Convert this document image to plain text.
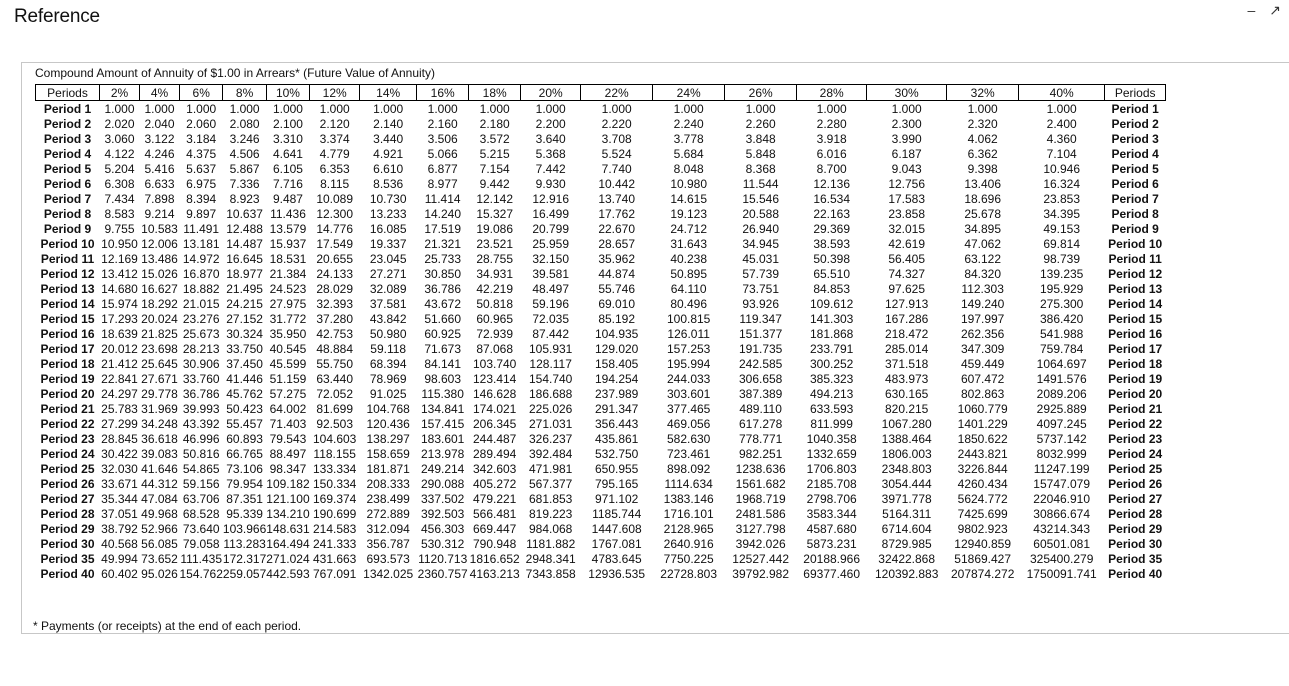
Reference	– ↗
Compound Amount of Annuity of $1.00 in Arrears* (Future Value of Annuity)
Periods	2%	4%	6%	8%	10%	12%	14%	16%	18%	20%	22%	24%	26%	28%	30%	32%	40%	Periods
Period 1	1.000	1.000	1.000	1.000	1.000	1.000	1.000	1.000	1.000	1.000	1.000	1.000	1.000	1.000	1.000	1.000	1.000	Period 1
Period 2	2.020	2.040	2.060	2.080	2.100	2.120	2.140	2.160	2.180	2.200	2.220	2.240	2.260	2.280	2.300	2.320	2.400	Period 2
Period 3	3.060	3.122	3.184	3.246	3.310	3.374	3.440	3.506	3.572	3.640	3.708	3.778	3.848	3.918	3.990	4.062	4.360	Period 3
Period 4	4.122	4.246	4.375	4.506	4.641	4.779	4.921	5.066	5.215	5.368	5.524	5.684	5.848	6.016	6.187	6.362	7.104	Period 4
Period 5	5.204	5.416	5.637	5.867	6.105	6.353	6.610	6.877	7.154	7.442	7.740	8.048	8.368	8.700	9.043	9.398	10.946	Period 5
Period 6	6.308	6.633	6.975	7.336	7.716	8.115	8.536	8.977	9.442	9.930	10.442	10.980	11.544	12.136	12.756	13.406	16.324	Period 6
Period 7	7.434	7.898	8.394	8.923	9.487	10.089	10.730	11.414	12.142	12.916	13.740	14.615	15.546	16.534	17.583	18.696	23.853	Period 7
Period 8	8.583	9.214	9.897	10.637	11.436	12.300	13.233	14.240	15.327	16.499	17.762	19.123	20.588	22.163	23.858	25.678	34.395	Period 8
Period 9	9.755	10.583	11.491	12.488	13.579	14.776	16.085	17.519	19.086	20.799	22.670	24.712	26.940	29.369	32.015	34.895	49.153	Period 9
Period 10	10.950	12.006	13.181	14.487	15.937	17.549	19.337	21.321	23.521	25.959	28.657	31.643	34.945	38.593	42.619	47.062	69.814	Period 10
Period 11	12.169	13.486	14.972	16.645	18.531	20.655	23.045	25.733	28.755	32.150	35.962	40.238	45.031	50.398	56.405	63.122	98.739	Period 11
Period 12	13.412	15.026	16.870	18.977	21.384	24.133	27.271	30.850	34.931	39.581	44.874	50.895	57.739	65.510	74.327	84.320	139.235	Period 12
Period 13	14.680	16.627	18.882	21.495	24.523	28.029	32.089	36.786	42.219	48.497	55.746	64.110	73.751	84.853	97.625	112.303	195.929	Period 13
Period 14	15.974	18.292	21.015	24.215	27.975	32.393	37.581	43.672	50.818	59.196	69.010	80.496	93.926	109.612	127.913	149.240	275.300	Period 14
Period 15	17.293	20.024	23.276	27.152	31.772	37.280	43.842	51.660	60.965	72.035	85.192	100.815	119.347	141.303	167.286	197.997	386.420	Period 15
Period 16	18.639	21.825	25.673	30.324	35.950	42.753	50.980	60.925	72.939	87.442	104.935	126.011	151.377	181.868	218.472	262.356	541.988	Period 16
Period 17	20.012	23.698	28.213	33.750	40.545	48.884	59.118	71.673	87.068	105.931	129.020	157.253	191.735	233.791	285.014	347.309	759.784	Period 17
Period 18	21.412	25.645	30.906	37.450	45.599	55.750	68.394	84.141	103.740	128.117	158.405	195.994	242.585	300.252	371.518	459.449	1064.697	Period 18
Period 19	22.841	27.671	33.760	41.446	51.159	63.440	78.969	98.603	123.414	154.740	194.254	244.033	306.658	385.323	483.973	607.472	1491.576	Period 19
Period 20	24.297	29.778	36.786	45.762	57.275	72.052	91.025	115.380	146.628	186.688	237.989	303.601	387.389	494.213	630.165	802.863	2089.206	Period 20
Period 21	25.783	31.969	39.993	50.423	64.002	81.699	104.768	134.841	174.021	225.026	291.347	377.465	489.110	633.593	820.215	1060.779	2925.889	Period 21
Period 22	27.299	34.248	43.392	55.457	71.403	92.503	120.436	157.415	206.345	271.031	356.443	469.056	617.278	811.999	1067.280	1401.229	4097.245	Period 22
Period 23	28.845	36.618	46.996	60.893	79.543	104.603	138.297	183.601	244.487	326.237	435.861	582.630	778.771	1040.358	1388.464	1850.622	5737.142	Period 23
Period 24	30.422	39.083	50.816	66.765	88.497	118.155	158.659	213.978	289.494	392.484	532.750	723.461	982.251	1332.659	1806.003	2443.821	8032.999	Period 24
Period 25	32.030	41.646	54.865	73.106	98.347	133.334	181.871	249.214	342.603	471.981	650.955	898.092	1238.636	1706.803	2348.803	3226.844	11247.199	Period 25
Period 26	33.671	44.312	59.156	79.954	109.182	150.334	208.333	290.088	405.272	567.377	795.165	1114.634	1561.682	2185.708	3054.444	4260.434	15747.079	Period 26
Period 27	35.344	47.084	63.706	87.351	121.100	169.374	238.499	337.502	479.221	681.853	971.102	1383.146	1968.719	2798.706	3971.778	5624.772	22046.910	Period 27
Period 28	37.051	49.968	68.528	95.339	134.210	190.699	272.889	392.503	566.481	819.223	1185.744	1716.101	2481.586	3583.344	5164.311	7425.699	30866.674	Period 28
Period 29	38.792	52.966	73.640	103.966	148.631	214.583	312.094	456.303	669.447	984.068	1447.608	2128.965	3127.798	4587.680	6714.604	9802.923	43214.343	Period 29
Period 30	40.568	56.085	79.058	113.283	164.494	241.333	356.787	530.312	790.948	1181.882	1767.081	2640.916	3942.026	5873.231	8729.985	12940.859	60501.081	Period 30
Period 35	49.994	73.652	111.435	172.317	271.024	431.663	693.573	1120.713	1816.652	2948.341	4783.645	7750.225	12527.442	20188.966	32422.868	51869.427	325400.279	Period 35
Period 40	60.402	95.026	154.762	259.057	442.593	767.091	1342.025	2360.757	4163.213	7343.858	12936.535	22728.803	39792.982	69377.460	120392.883	207874.272	1750091.741	Period 40
* Payments (or receipts) at the end of each period.
